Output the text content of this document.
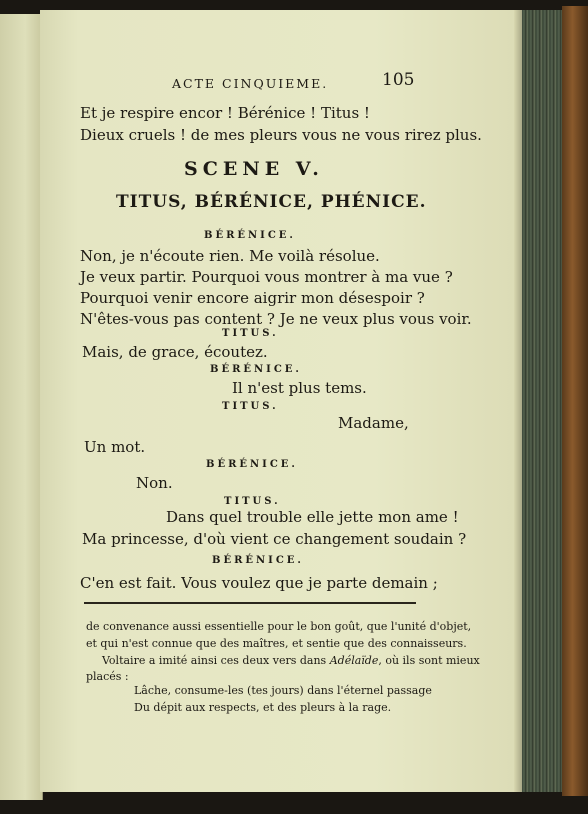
ACTE CINQUIEME.	105
Et je respire encor ! Bérénice ! Titus !
Dieux cruels ! de mes pleurs vous ne vous rirez plus.
SCENE V.
TITUS, BÉRÉNICE, PHÉNICE.
BÉRÉNICE.
Non, je n'écoute rien. Me voilà résolue.
Je veux partir. Pourquoi vous montrer à ma vue ?
Pourquoi venir encore aigrir mon désespoir ?
N'êtes-vous pas content ? Je ne veux plus vous voir.
TITUS.
Mais, de grace, écoutez.
BÉRÉNICE.
Il n'est plus tems.
TITUS.
Madame,
Un mot.
BÉRÉNICE.
Non.
TITUS.
Dans quel trouble elle jette mon ame !
Ma princesse, d'où vient ce changement soudain ?
BÉRÉNICE.
C'en est fait. Vous voulez que je parte demain ;
de convenance aussi essentielle pour le bon goût, que l'unité d'objet,
et qui n'est connue que des maîtres, et sentie que des connaisseurs.
Voltaire a imité ainsi ces deux vers dans Adélaïde, où ils sont mieux
placés :
Lâche, consume-les (tes jours) dans l'éternel passage
Du dépit aux respects, et des pleurs à la rage.
